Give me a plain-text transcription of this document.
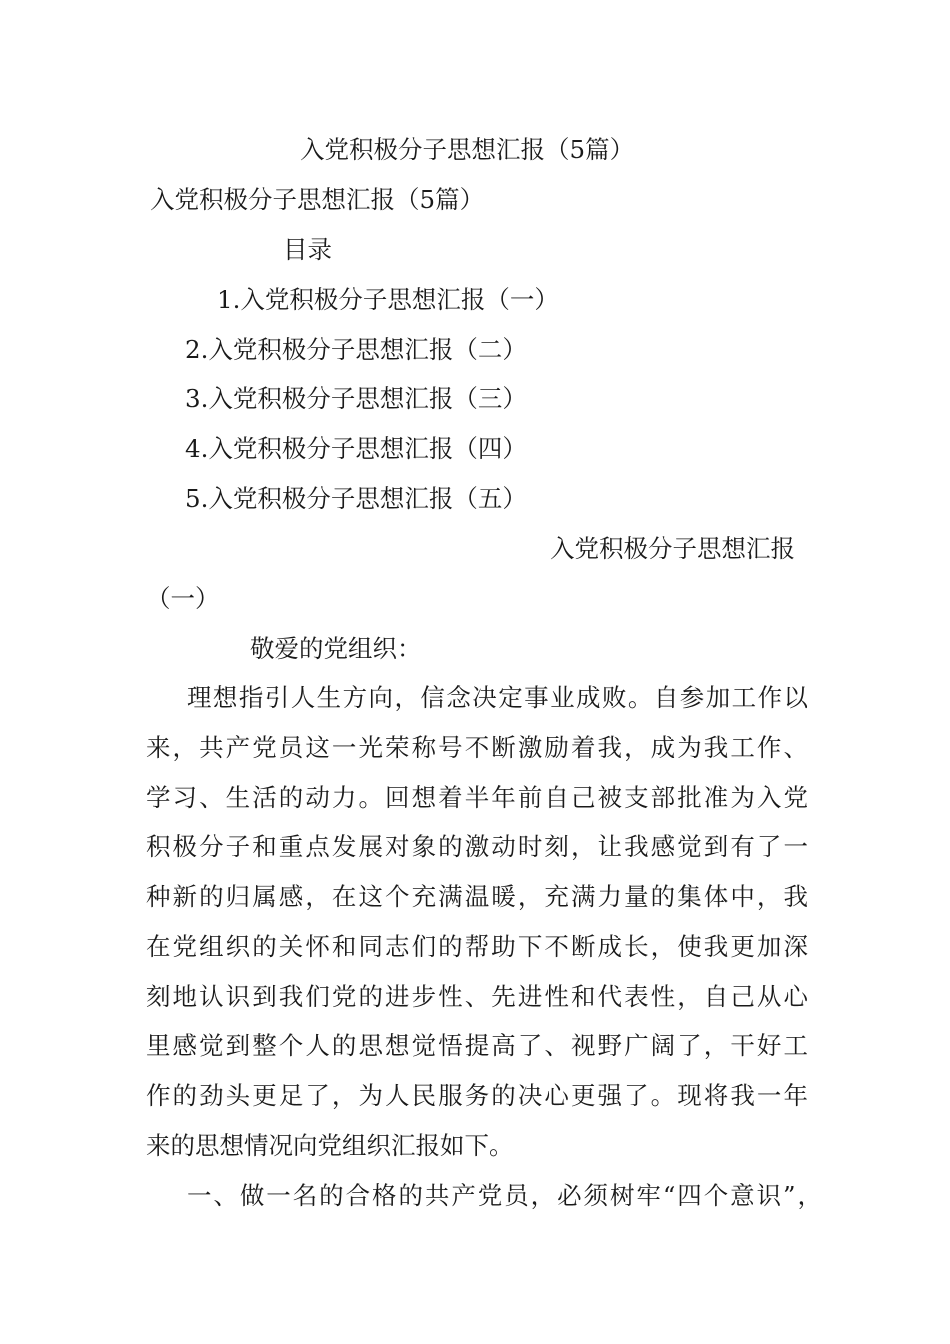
入党积极分子思想汇报（5篇）

入党积极分子思想汇报（5篇）

目录

1.入党积极分子思想汇报（一）

2.入党积极分子思想汇报（二）

3.入党积极分子思想汇报（三）

4.入党积极分子思想汇报（四）

5.入党积极分子思想汇报（五）

入党积极分子思想汇报

（一）

敬爱的党组织：

理想指引人生方向，信念决定事业成败。自参加工作以

来，共产党员这一光荣称号不断激励着我，成为我工作、

学习、生活的动力。回想着半年前自己被支部批准为入党

积极分子和重点发展对象的激动时刻，让我感觉到有了一

种新的归属感，在这个充满温暖，充满力量的集体中，我

在党组织的关怀和同志们的帮助下不断成长，使我更加深

刻地认识到我们党的进步性、先进性和代表性，自己从心

里感觉到整个人的思想觉悟提高了、视野广阔了，干好工

作的劲头更足了，为人民服务的决心更强了。现将我一年

来的思想情况向党组织汇报如下。

一、做一名的合格的共产党员，必须树牢“四个意识”，
